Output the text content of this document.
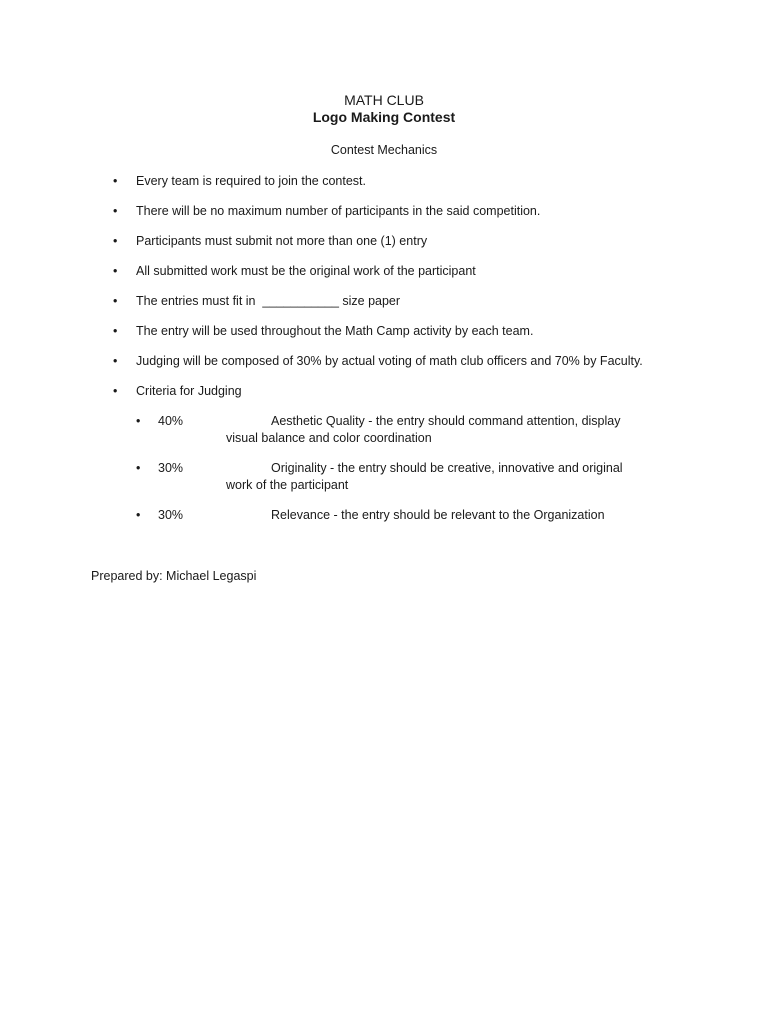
MATH CLUB
Logo Making Contest
Contest Mechanics
• Every team is required to join the contest.
• There will be no maximum number of participants in the said competition.
• Participants must submit not more than one (1) entry
• All submitted work must be the original work of the participant
• The entries must fit in  ___________ size paper
• The entry will be used throughout the Math Camp activity by each team.
• Judging will be composed of 30% by actual voting of math club officers and 70% by Faculty.
• Criteria for Judging
• 40%	Aesthetic Quality - the entry should command attention, display
visual balance and color coordination
• 30%	Originality - the entry should be creative, innovative and original
work of the participant
• 30%	Relevance - the entry should be relevant to the Organization
Prepared by: Michael Legaspi
